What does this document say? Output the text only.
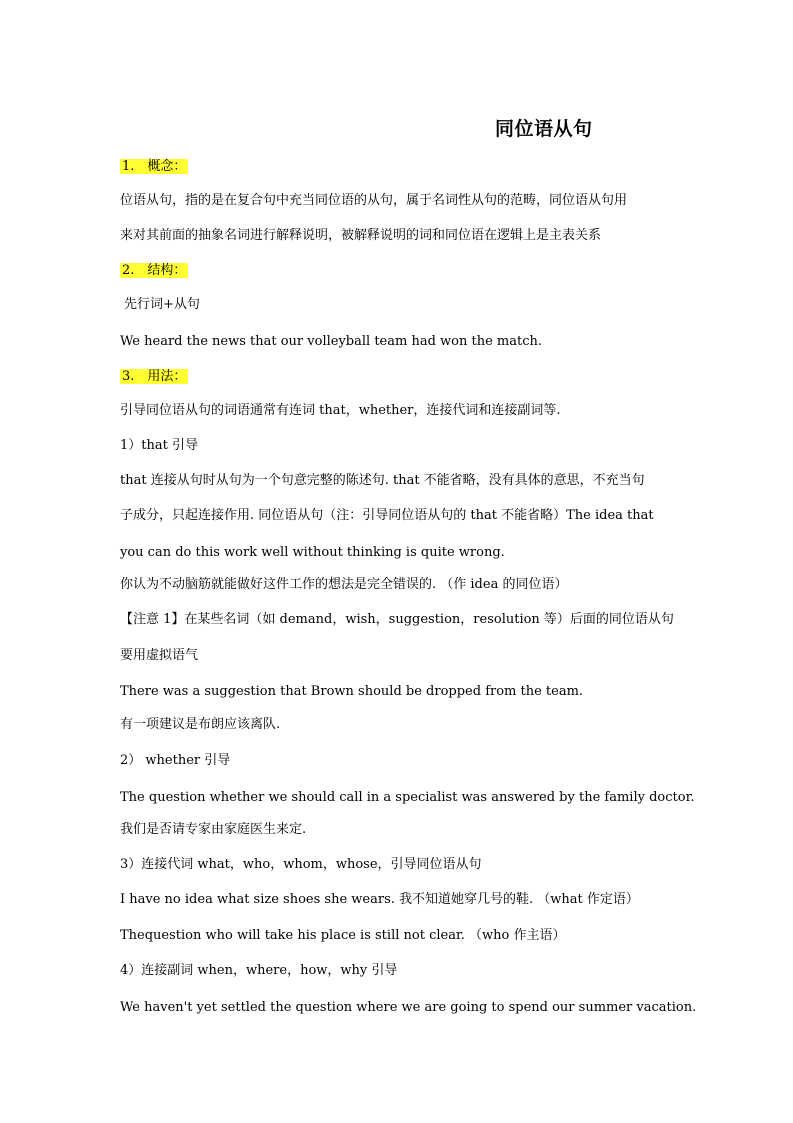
同位语从句
1.　概念：
位语从句，指的是在复合句中充当同位语的从句，属于名词性从句的范畴，同位语从句用
来对其前面的抽象名词进行解释说明，被解释说明的词和同位语在逻辑上是主表关系
2.　结构：
先行词+从句
We heard the news that our volleyball team had won the match.
3.　用法：
引导同位语从句的词语通常有连词 that，whether，连接代词和连接副词等.
1）that 引导
that 连接从句时从句为一个句意完整的陈述句. that 不能省略，没有具体的意思，不充当句
子成分，只起连接作用. 同位语从句（注：引导同位语从句的 that 不能省略）The idea that
you can do this work well without thinking is quite wrong.
你认为不动脑筋就能做好这件工作的想法是完全错误的. （作 idea 的同位语）
【注意 1】在某些名词（如 demand，wish，suggestion，resolution 等）后面的同位语从句
要用虚拟语气
There was a suggestion that Brown should be dropped from the team.
有一项建议是布朗应该离队.
2） whether 引导
The question whether we should call in a specialist was answered by the family doctor.
我们是否请专家由家庭医生来定.
3）连接代词 what，who，whom，whose，引导同位语从句
I have no idea what size shoes she wears. 我不知道她穿几号的鞋. （what 作定语）
Thequestion who will take his place is still not clear. （who 作主语）
4）连接副词 when，where，how，why 引导
We haven't yet settled the question where we are going to spend our summer vacation.
